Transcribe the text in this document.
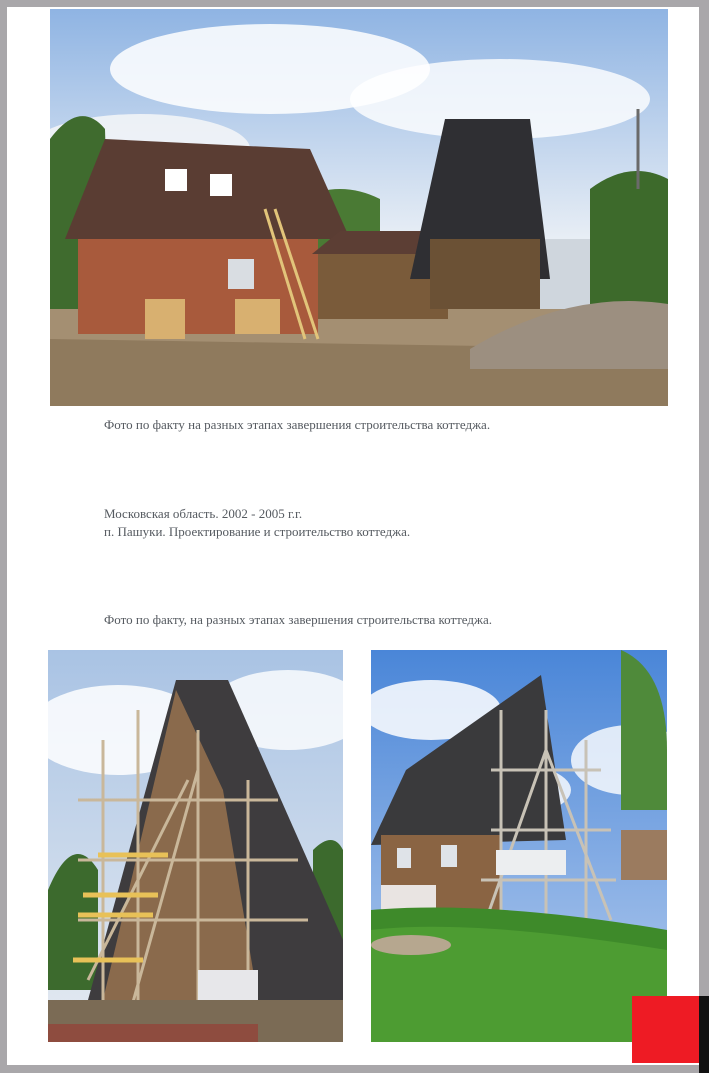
Фото по факту на разных этапах завершения строительства коттеджа.
Московская область. 2002 - 2005 г.г.
п. Пашуки. Проектирование и строительство коттеджа.
Фото по факту, на разных этапах завершения строительства коттеджа.
